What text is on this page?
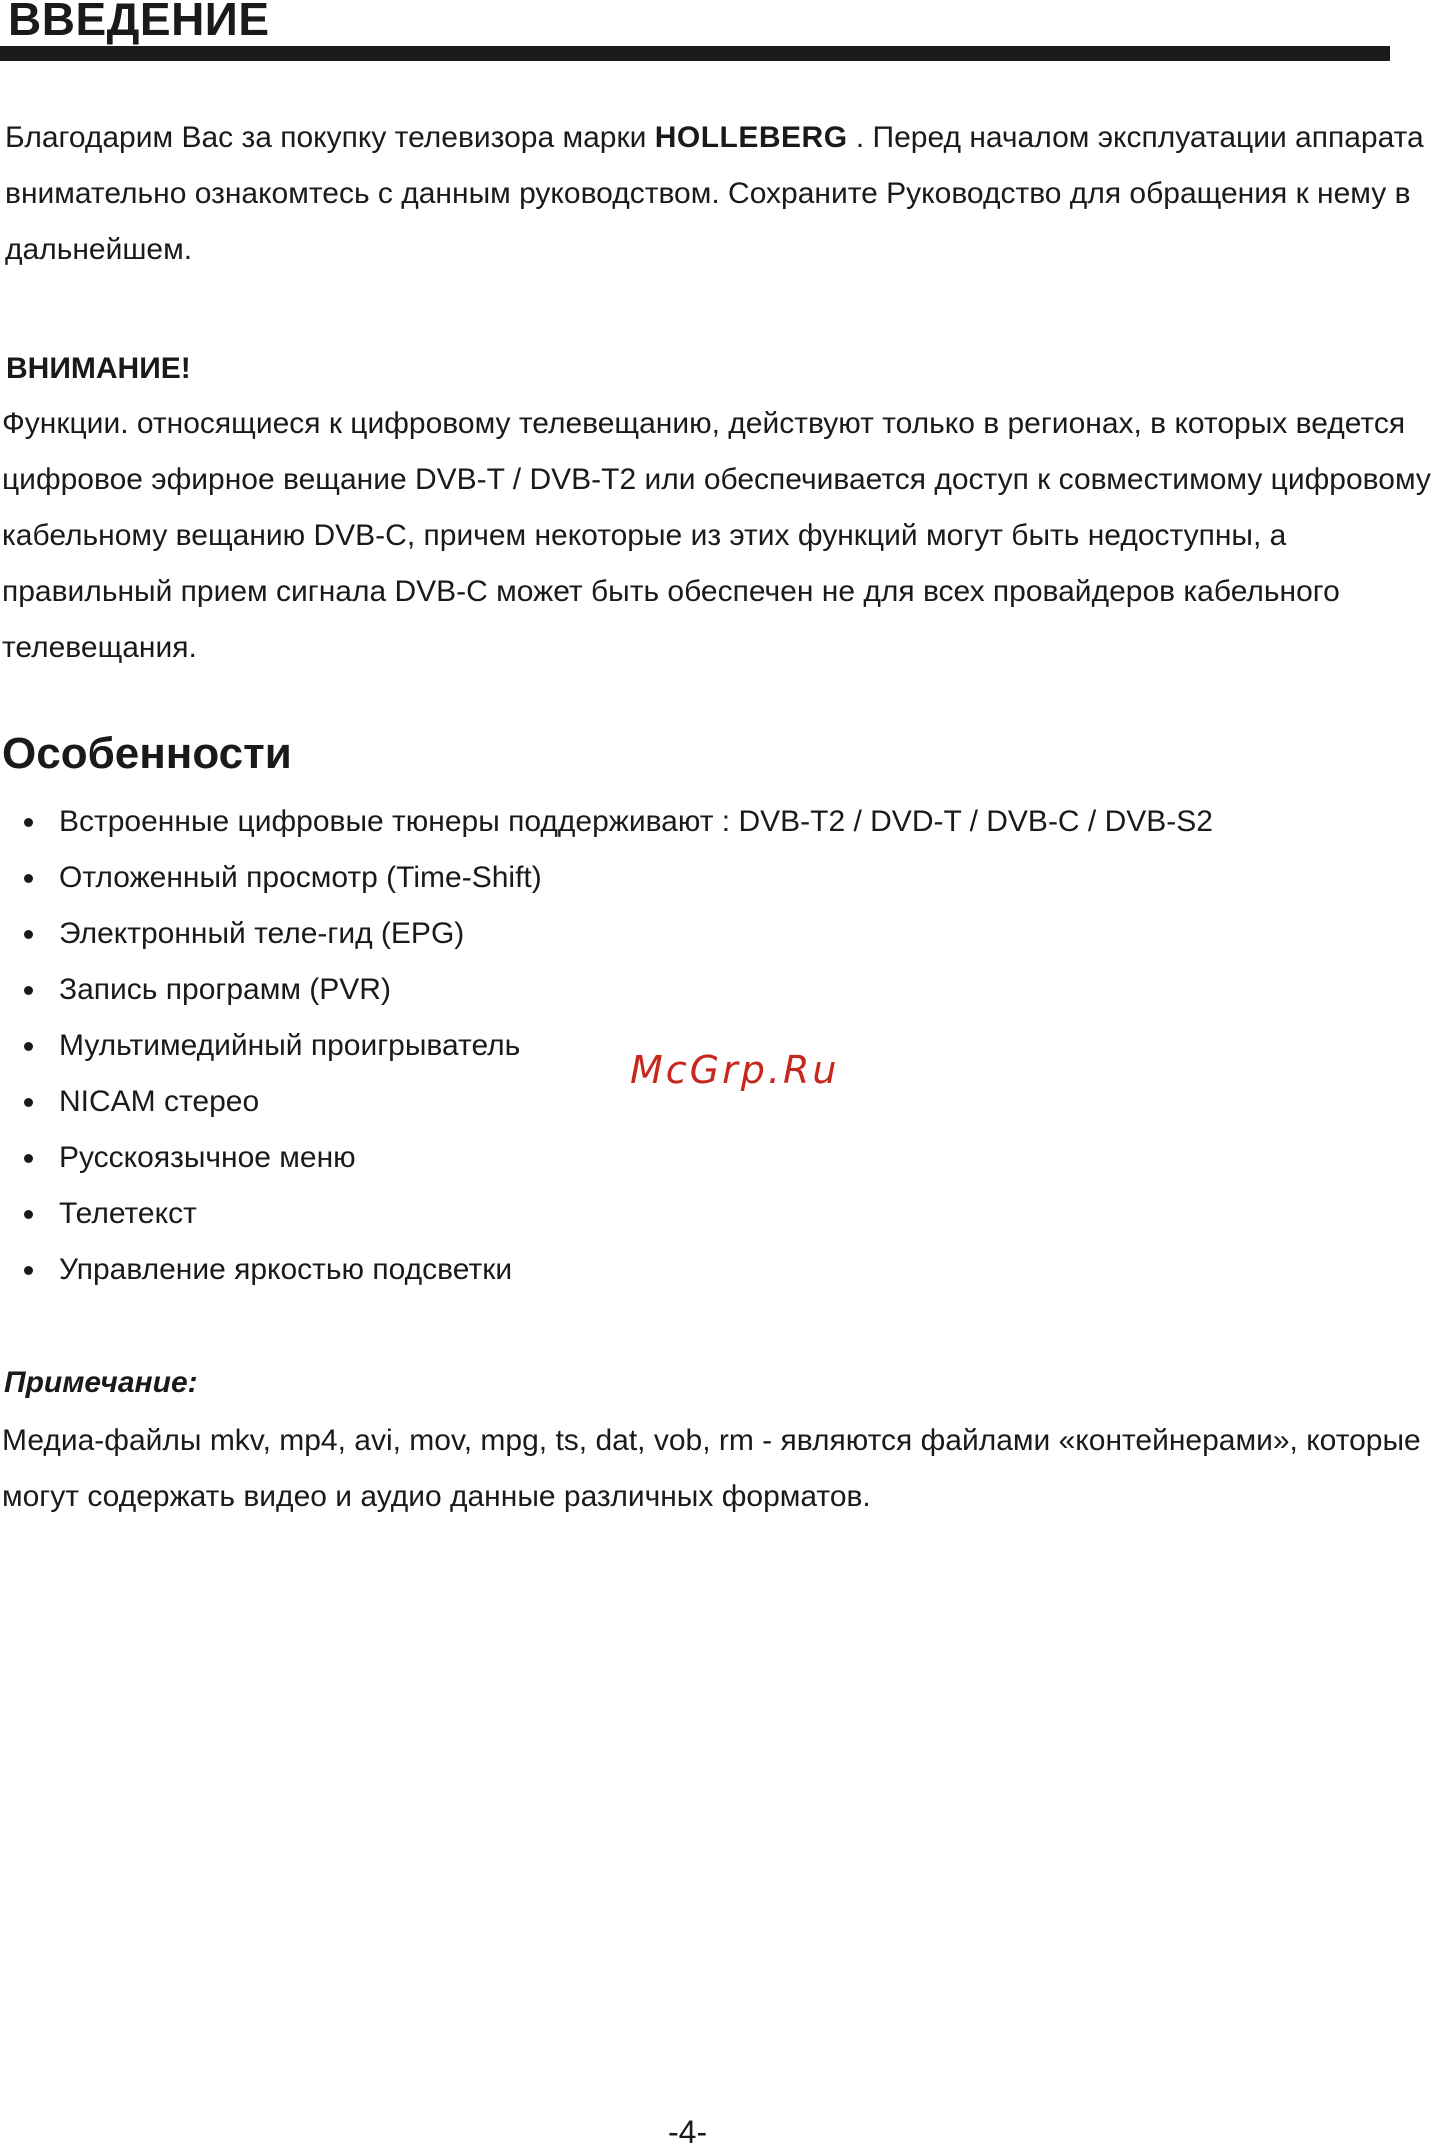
ВВЕДЕНИЕ

Благодарим Вас за покупку телевизора марки HOLLEBERG . Перед началом эксплуатации аппарата внимательно ознакомтесь с данным руководством. Сохраните Руководство для обращения к нему в дальнейшем.

ВНИМАНИЕ!

Функции. относящиеся к цифровому телевещанию, действуют только в регионах, в которых ведется цифровое эфирное вещание DVB-T / DVB-T2 или обеспечивается доступ к совместимому цифровому кабельному вещанию DVB-C, причем некоторые из этих функций могут быть недоступны, а правильный прием сигнала DVB-C может быть обеспечен не для всех провайдеров кабельного телевещания.

Особенности
Встроенные цифровые тюнеры поддерживают : DVB-T2 / DVD-T / DVB-C / DVB-S2
Отложенный просмотр (Time-Shift)
Электронный теле-гид (EPG)
Запись программ (PVR)
Мультимедийный проигрыватель
NICAM стерео
Русскоязычное меню
Телетекст
Управление яркостью подсветки
McGrp.Ru
Примечание:

Медиа-файлы mkv, mp4, avi, mov, mpg, ts, dat, vob, rm - являются файлами «контейнерами», которые могут содержать видео и аудио данные различных форматов.

-4-
